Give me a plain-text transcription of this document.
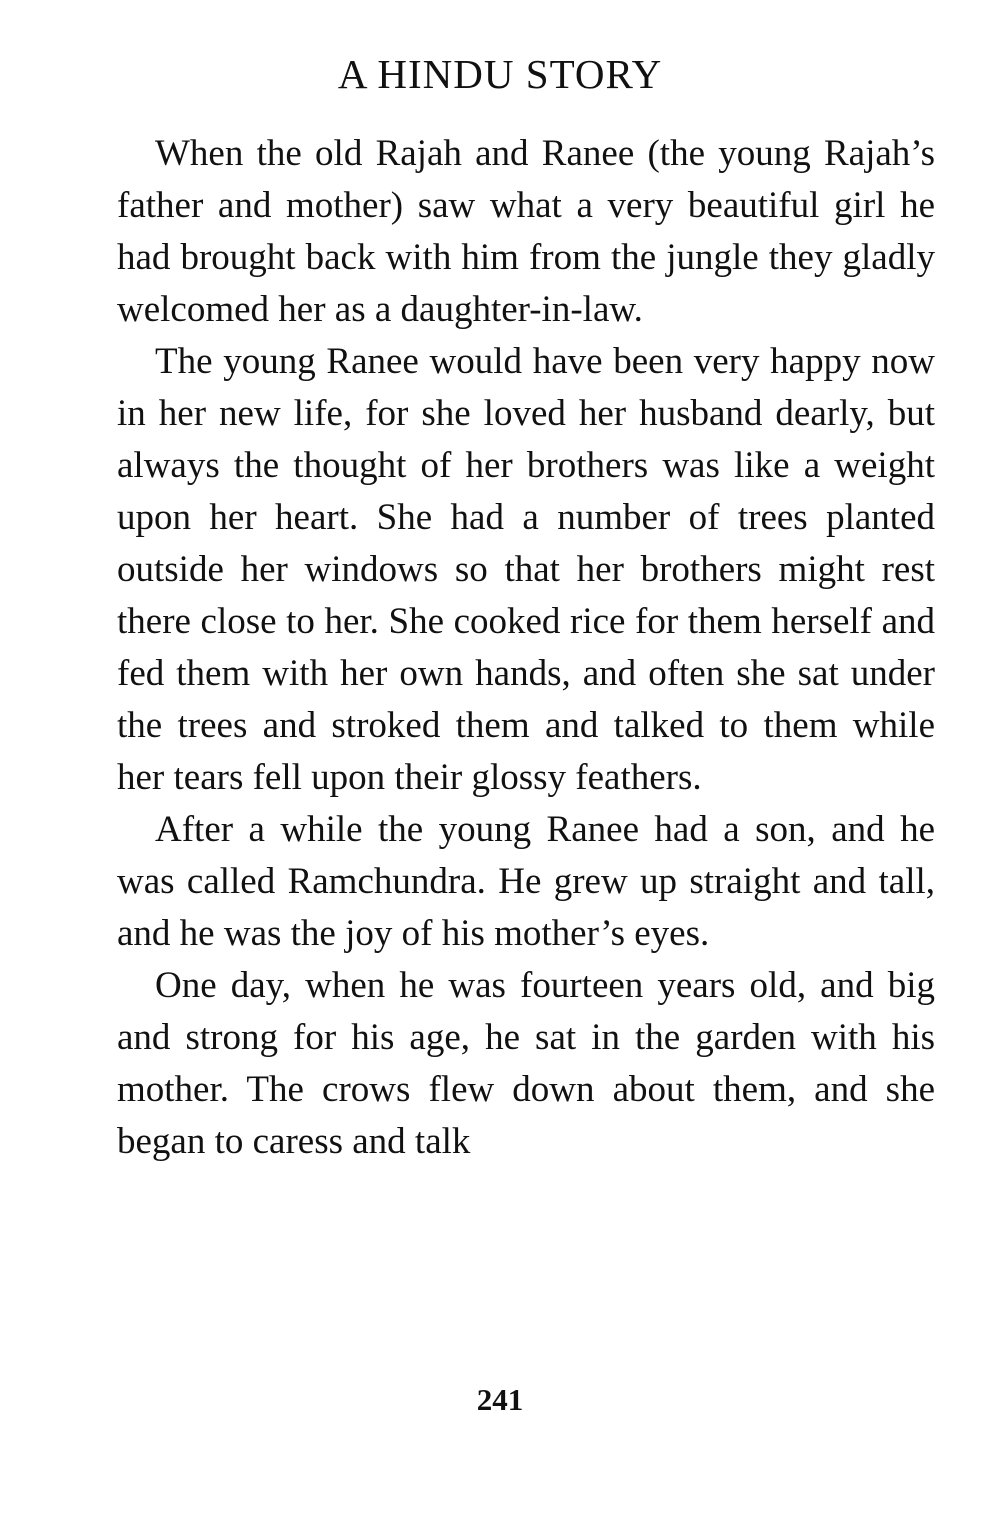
A HINDU STORY

When the old Rajah and Ranee (the young Rajah’s father and mother) saw what a very beautiful girl he had brought back with him from the jungle they gladly welcomed her as a daughter-in-law.

The young Ranee would have been very happy now in her new life, for she loved her husband dearly, but always the thought of her brothers was like a weight upon her heart. She had a number of trees planted outside her windows so that her brothers might rest there close to her. She cooked rice for them herself and fed them with her own hands, and often she sat under the trees and stroked them and talked to them while her tears fell upon their glossy feathers.

After a while the young Ranee had a son, and he was called Ramchundra. He grew up straight and tall, and he was the joy of his mother’s eyes.

One day, when he was fourteen years old, and big and strong for his age, he sat in the garden with his mother. The crows flew down about them, and she began to caress and talk

241
